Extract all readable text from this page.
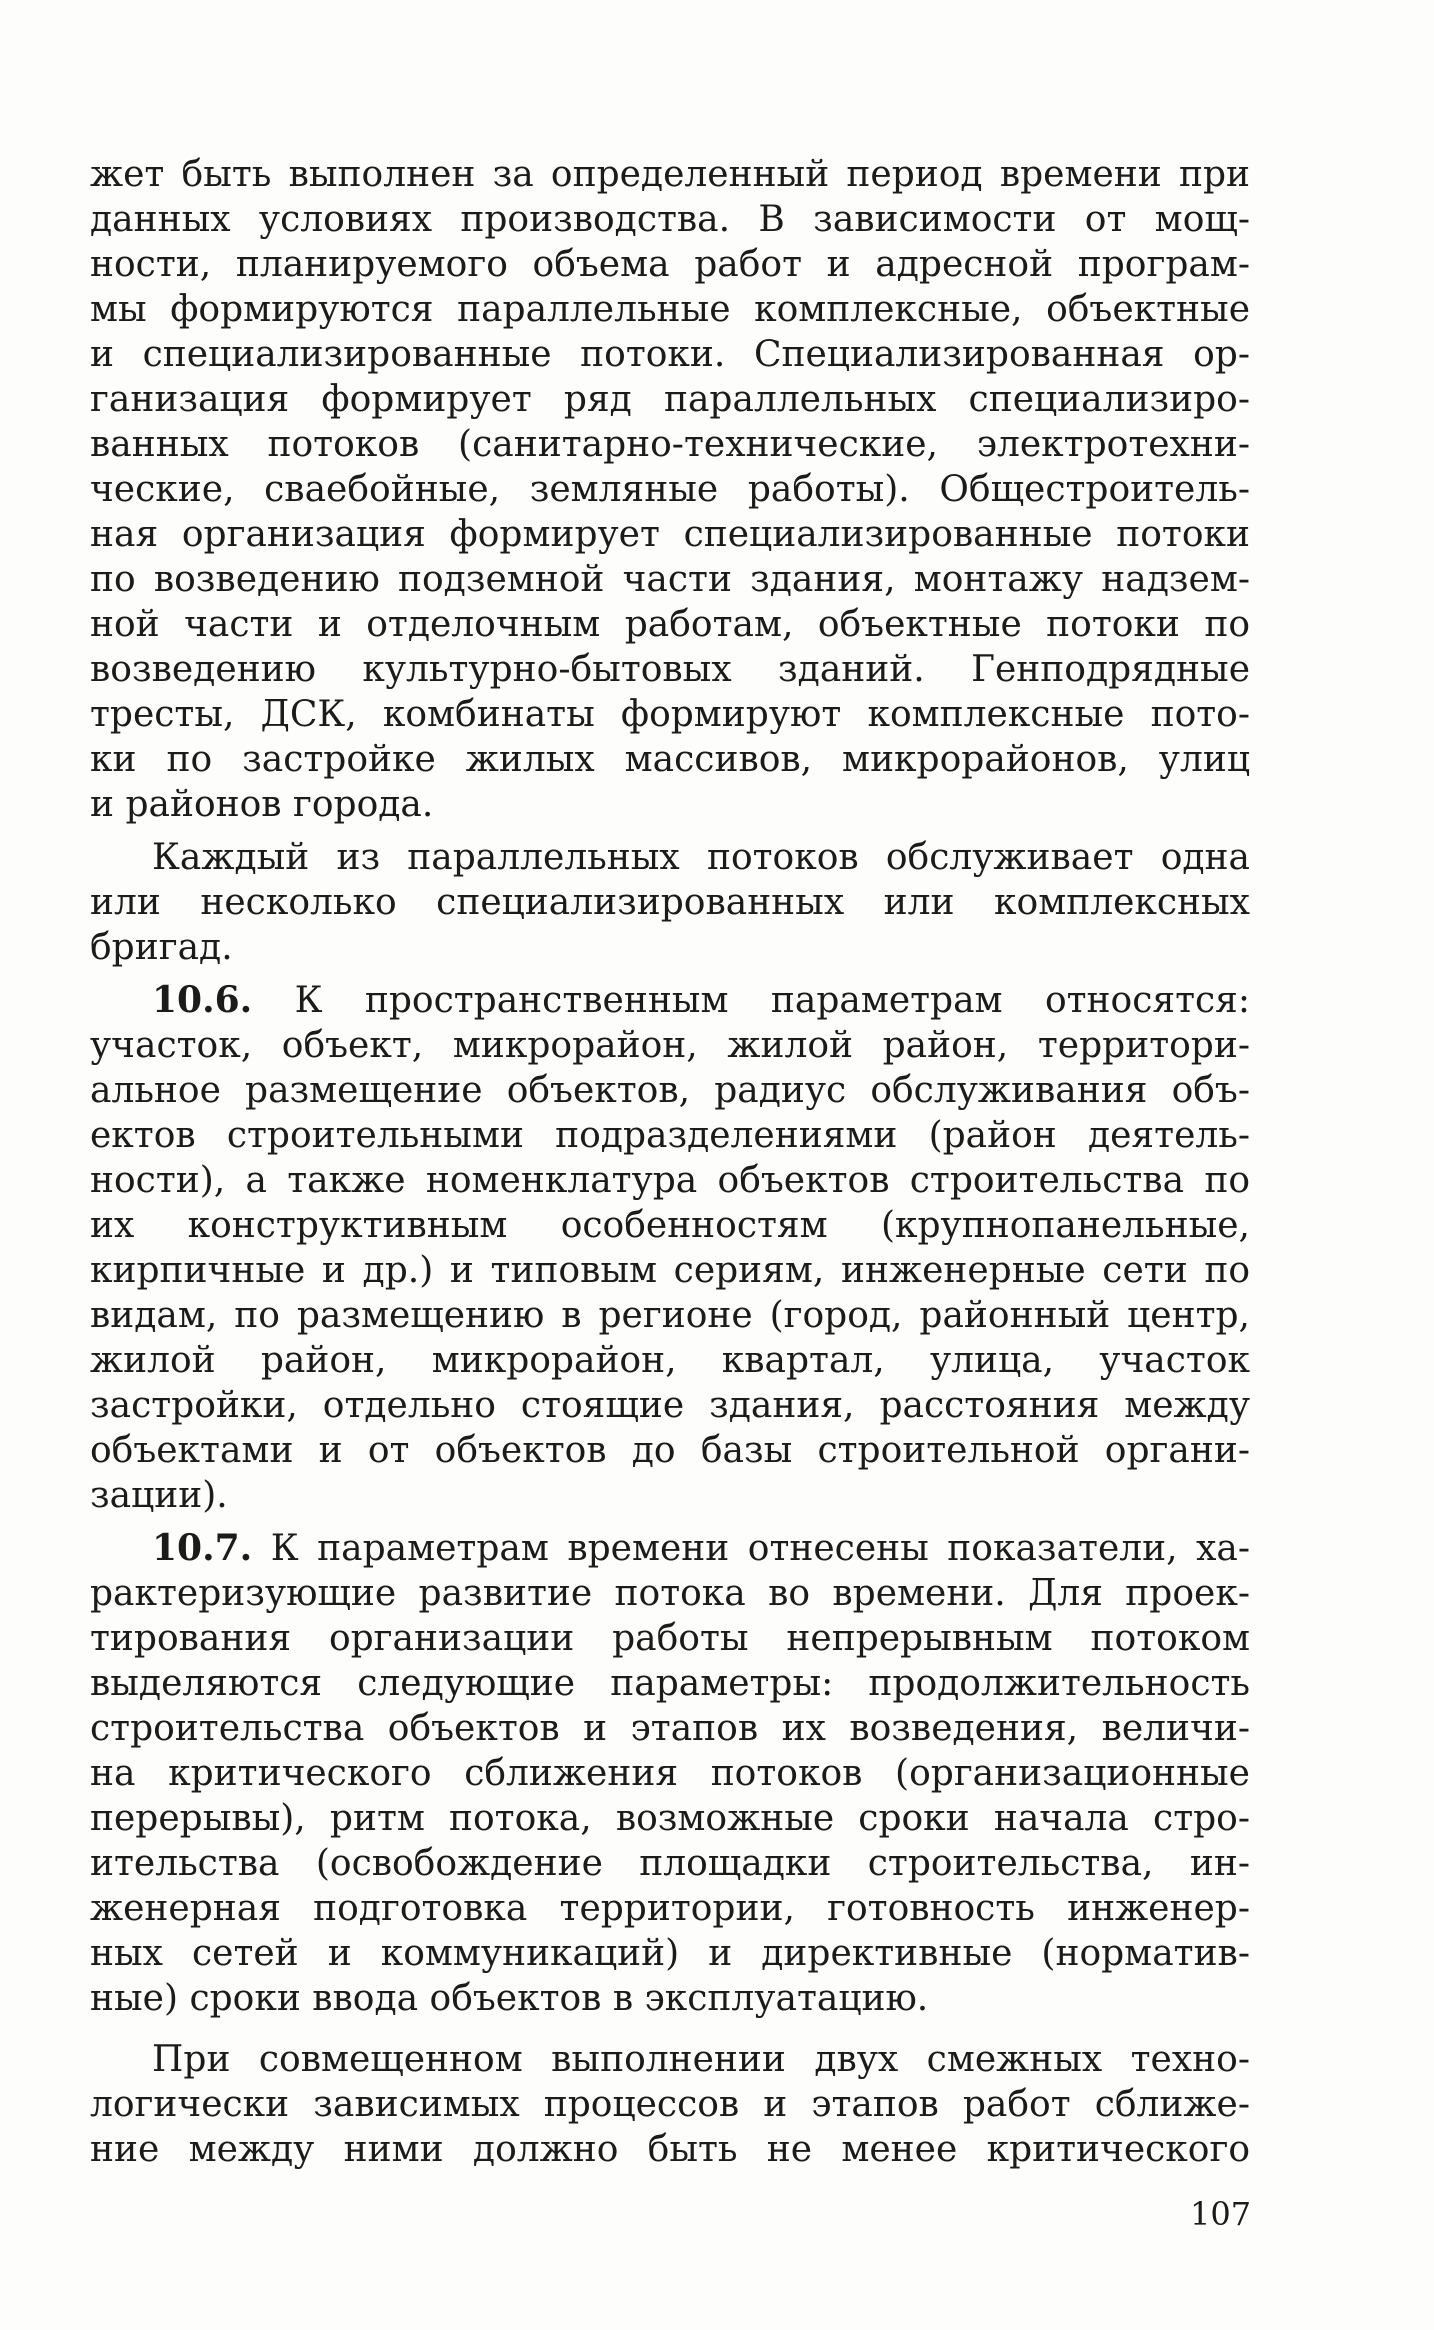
жет быть выполнен за определенный период времени при
данных условиях производства. В зависимости от мощ-
ности, планируемого объема работ и адресной програм-
мы формируются параллельные комплексные, объектные
и специализированные потоки. Специализированная ор-
ганизация формирует ряд параллельных специализиро-
ванных потоков (санитарно-технические, электротехни-
ческие, свaебойные, земляные работы). Общестроитель-
ная организация формирует специализированные потоки
по возведению подземной части здания, монтажу надзем-
ной части и отделочным работам, объектные потоки по
возведению культурно-бытовых зданий. Генподрядные
тресты, ДСК, комбинаты формируют комплексные пото-
ки по застройке жилых массивов, микрорайонов, улиц
и районов города.
Каждый из параллельных потоков обслуживает одна
или несколько специализированных или комплексных
бригад.
10.6. К пространственным параметрам относятся:
участок, объект, микрорайон, жилой район, территори-
альное размещение объектов, радиус обслуживания объ-
ектов строительными подразделениями (район деятель-
ности), а также номенклатура объектов строительства по
их конструктивным особенностям (крупнопанельные,
кирпичные и др.) и типовым сериям, инженерные сети по
видам, по размещению в регионе (город, районный центр,
жилой район, микрорайон, квартал, улица, участок
застройки, отдельно стоящие здания, расстояния между
объектами и от объектов до базы строительной органи-
зации).
10.7. К параметрам времени отнесены показатели, ха-
рактеризующие развитие потока во времени. Для проек-
тирования организации работы непрерывным потоком
выделяются следующие параметры: продолжительность
строительства объектов и этапов их возведения, величи-
на критического сближения потоков (организационные
перерывы), ритм потока, возможные сроки начала стро-
ительства (освобождение площадки строительства, ин-
женерная подготовка территории, готовность инженер-
ных сетей и коммуникаций) и директивные (норматив-
ные) сроки ввода объектов в эксплуатацию.
При совмещенном выполнении двух смежных техно-
логически зависимых процессов и этапов работ сближе-
ние между ними должно быть не менее критического
107
